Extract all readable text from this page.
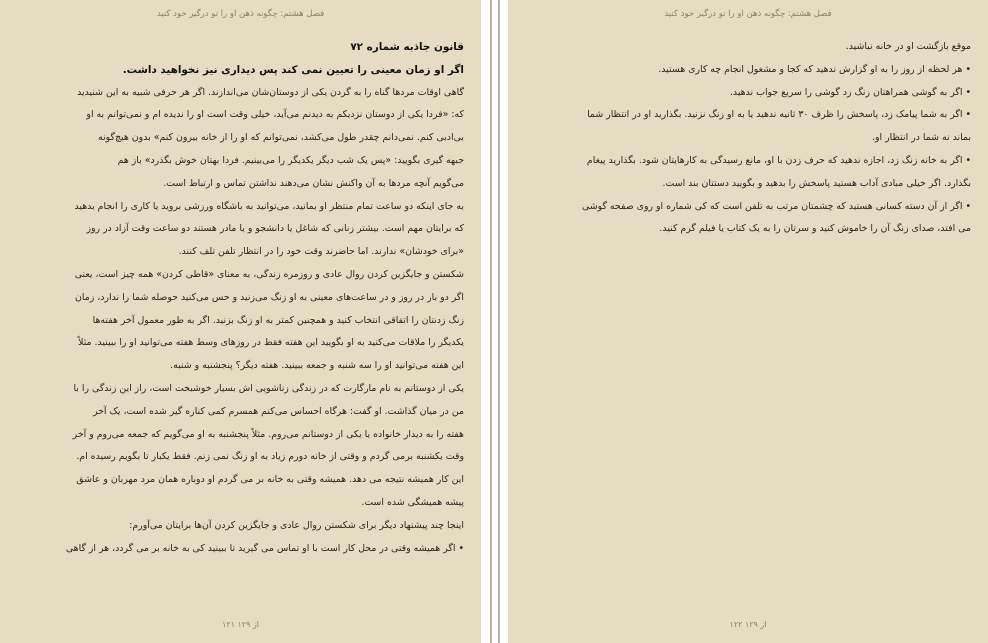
فصل هشتم: چگونه ذهن او را تو درگیر خود کنید
قانون جاذبه شماره ۷۲
اگر او زمان معینی را تعیین نمی کند پس دیداری نیز نخواهید داشت.
گاهی اوقات مردها گناه را به گردن یکی از دوستان‌شان می‌اندازند. اگر هر حرفی شبیه به این شنیدید
که: «فردا یکی از دوستان نزدیکم به دیدنم می‌آید، خیلی وقت است او را ندیده ام و نمی‌توانم به او
بی‌ادبی کنم. نمی‌دانم چقدر طول می‌کشد، نمی‌توانم که او را از خانه بیرون کنم» بدون هیچ‌گونه
جبهه گیری بگویید: «پس یک شب دیگر یکدیگر را می‌بینیم. فردا بهتان خوش بگذرد» باز هم
می‌گویم آنچه مردها به آن واکنش نشان می‌دهند نداشتن تماس و ارتباط است.
به جای اینکه دو ساعت تمام منتظر او بمانید، می‌توانید به باشگاه ورزشی بروید یا کاری را انجام بدهید
که برایتان مهم است. بیشتر زنانی که شاغل یا دانشجو و یا مادر هستند دو ساعت وقت آزاد در روز
«برای خودشان» ندارند. اما حاضرند وقت خود را در انتظار تلفن تلف کنند.
شکستن و جایگزین کردن روال عادی و روزمره زندگی، به معنای «قاطی کردن» همه چیز است، یعنی
اگر دو بار در روز و در ساعت‌های معینی به او زنگ می‌زنید و حس می‌کنید حوصله شما را ندارد، زمان
زنگ زدنتان را اتفاقی انتخاب کنید و همچنین کمتر به او زنگ بزنید. اگر به طور معمول آخر هفته‌ها
یکدیگر را ملاقات می‌کنید به او بگویید این هفته فقط در روزهای وسط هفته می‌توانید او را ببینید. مثلاً
این هفته می‌توانید او را سه شنبه و جمعه ببینید. هفته دیگر؟ پنجشنبه و شنبه.
یکی از دوستانم به نام مارگارت که در زندگی زناشویی اش بسیار خوشبخت است، راز این زندگی را با
من در میان گذاشت. او گفت: هرگاه احساس می‌کنم همسرم کمی کناره گیر شده است، یک آخر
هفته را به دیدار خانواده یا یکی از دوستانم می‌روم. مثلاً پنجشنبه به او می‌گویم که جمعه می‌روم و آخر
وقت یکشنبه برمی گردم و وقتی از خانه دورم زیاد به او زنگ نمی زنم. فقط یکبار تا بگویم رسیده ام.
این کار همیشه نتیجه می دهد. همیشه وقتی به خانه بر می گردم او دوباره همان مرد مهربان و عاشق
پیشه همیشگی شده است.
اینجا چند پیشنهاد دیگر برای شکستن روال عادی و جایگزین کردن آن‌ها برایتان می‌آورم:
• اگر همیشه وقتی در محل کار است با او تماس می گیرید تا ببینید کی به خانه بر می گردد، هر از گاهی
۱۲۱ از ۱۲۹
فصل هشتم: چگونه ذهن او را تو درگیر خود کنید
موقع بازگشت او در خانه نباشید.
• هر لحظه از روز را به او گزارش ندهید که کجا و مشغول انجام چه کاری هستید.
• اگر به گوشی همراهتان زنگ زد گوشی را سریع جواب ندهید.
• اگر به شما پیامک زد، پاسخش را ظرف ۳۰ ثانیه ندهید یا به او زنگ نزنید. بگذارید او در انتظار شما
بماند نه شما در انتظار او.
• اگر به خانه زنگ زد، اجازه ندهید که حرف زدن با او، مانع رسیدگی به کارهایتان شود. بگذارید پیغام
بگذارد. اگر خیلی مبادی آداب هستید پاسخش را بدهید و بگویید دستتان بند است.
• اگر از آن دسته کسانی هستید که چشمتان مرتب به تلفن است که کی شماره او روی صفحه گوشی
می افتد، صدای زنگ آن را خاموش کنید و سرتان را به یک کتاب یا فیلم گرم کنید.
۱۲۲ از ۱۲۹
